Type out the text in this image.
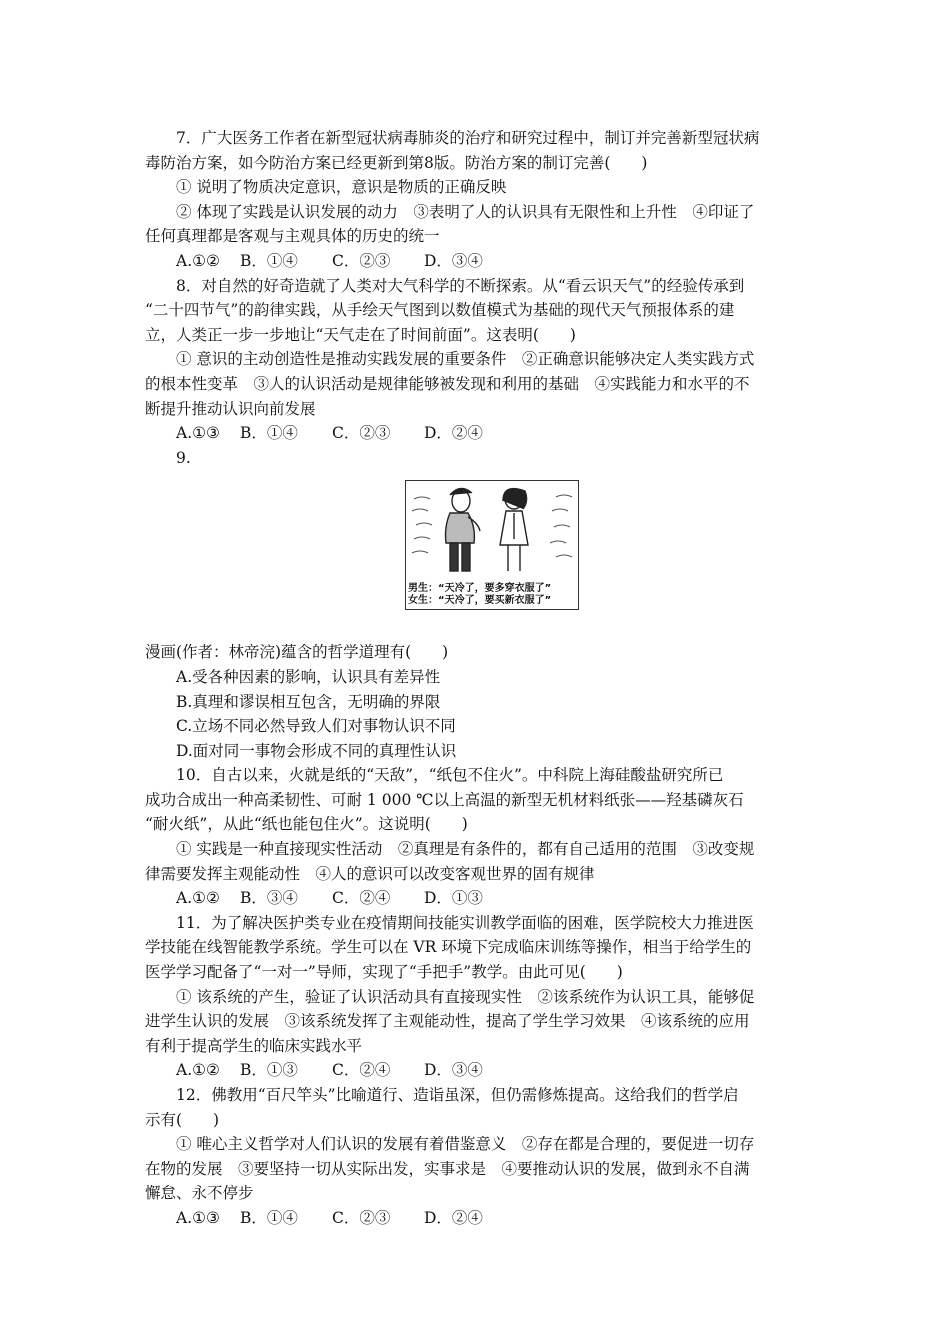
7．广大医务工作者在新型冠状病毒肺炎的治疗和研究过程中，制订并完善新型冠状病
毒防治方案，如今防治方案已经更新到第8版。防治方案的制订完善(　　)
① 说明了物质决定意识，意识是物质的正确反映
② 体现了实践是认识发展的动力　③表明了人的认识具有无限性和上升性　④印证了
任何真理都是客观与主观具体的历史的统一
A.①② B．①④ C．②③ D．③④
8．对自然的好奇造就了人类对大气科学的不断探索。从“看云识天气”的经验传承到
“二十四节气”的韵律实践，从手绘天气图到以数值模式为基础的现代天气预报体系的建
立，人类正一步一步地让“天气走在了时间前面”。这表明(　　)
① 意识的主动创造性是推动实践发展的重要条件　②正确意识能够决定人类实践方式
的根本性变革　③人的认识活动是规律能够被发现和利用的基础　④实践能力和水平的不
断提升推动认识向前发展
A.①③ B．①④ C．②③ D．②④
9.
男生：“天冷了，要多穿衣服了”
女生：“天冷了，要买新衣服了”
漫画(作者：林帝浣)蕴含的哲学道理有(　　)
A.受各种因素的影响，认识具有差异性
B.真理和谬误相互包含，无明确的界限
C.立场不同必然导致人们对事物认识不同
D.面对同一事物会形成不同的真理性认识
10．自古以来，火就是纸的“天敌”，“纸包不住火”。中科院上海硅酸盐研究所已
成功合成出一种高柔韧性、可耐 1 000 ℃以上高温的新型无机材料纸张——羟基磷灰石
“耐火纸”，从此“纸也能包住火”。这说明(　　)
① 实践是一种直接现实性活动　②真理是有条件的，都有自己适用的范围　③改变规
律需要发挥主观能动性　④人的意识可以改变客观世界的固有规律
A.①② B．③④ C．②④ D．①③
11．为了解决医护类专业在疫情期间技能实训教学面临的困难，医学院校大力推进医
学技能在线智能教学系统。学生可以在 VR 环境下完成临床训练等操作，相当于给学生的
医学学习配备了“一对一”导师，实现了“手把手”教学。由此可见(　　)
① 该系统的产生，验证了认识活动具有直接现实性　②该系统作为认识工具，能够促
进学生认识的发展　③该系统发挥了主观能动性，提高了学生学习效果　④该系统的应用
有利于提高学生的临床实践水平
A.①② B．①③ C．②④ D．③④
12．佛教用“百尺竿头”比喻道行、造诣虽深，但仍需修炼提高。这给我们的哲学启
示有(　　)
① 唯心主义哲学对人们认识的发展有着借鉴意义　②存在都是合理的，要促进一切存
在物的发展　③要坚持一切从实际出发，实事求是　④要推动认识的发展，做到永不自满
懈怠、永不停步
A.①③ B．①④ C．②③ D．②④
